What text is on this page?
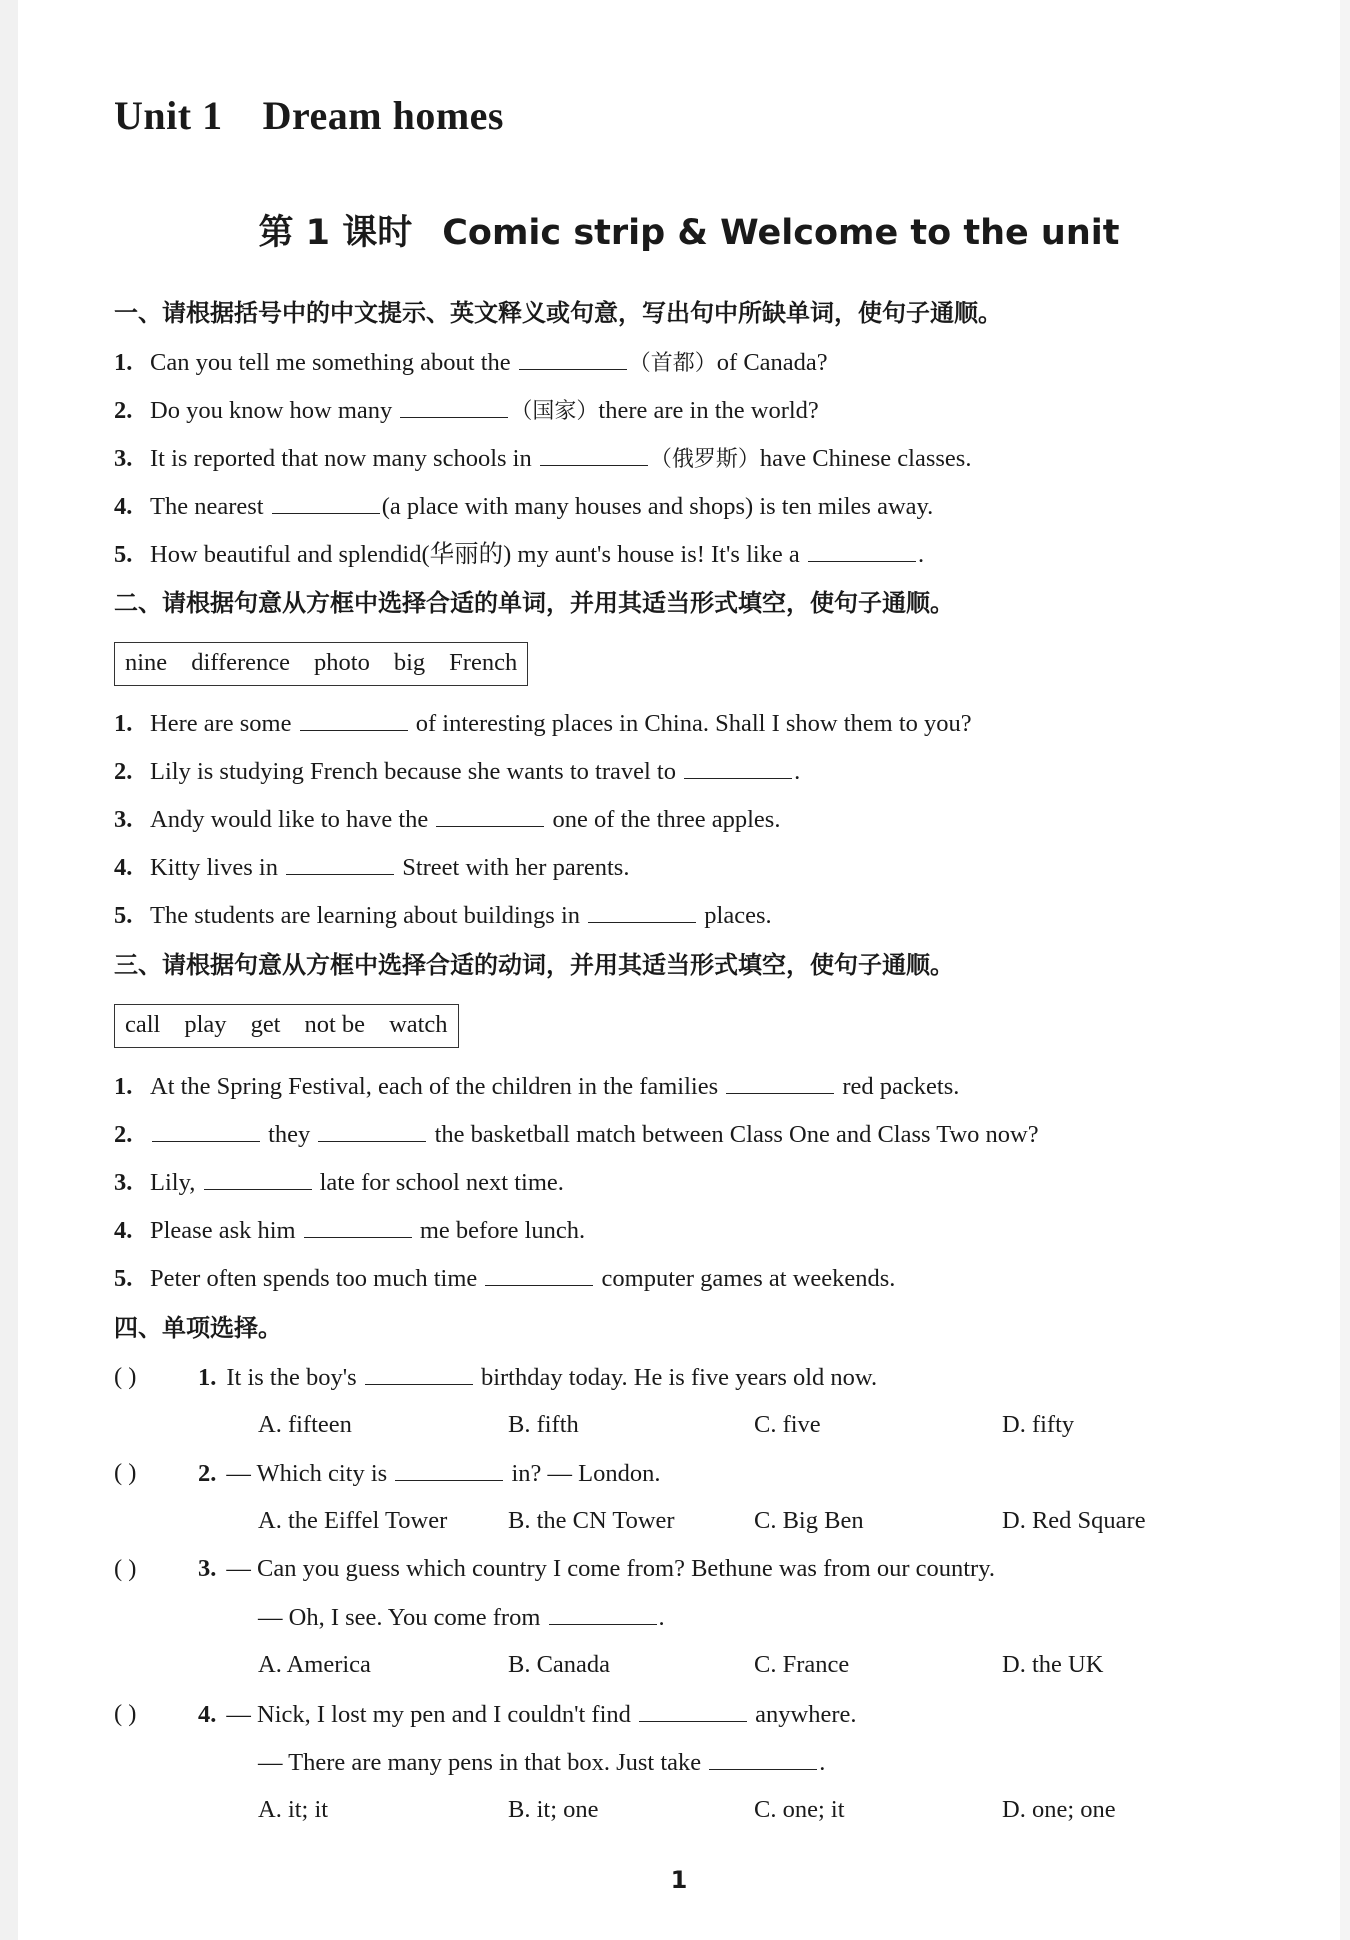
Unit 1 Dream homes
第 1 课时 Comic strip & Welcome to the unit
一、请根据括号中的中文提示、英文释义或句意，写出句中所缺单词，使句子通顺。
1. Can you tell me something about the	（首都）of Canada?
2. Do you know how many	（国家）there are in the world?
3. It is reported that now many schools in	（俄罗斯）have Chinese classes.
4. The nearest	(a place with many houses and shops) is ten miles away.
5. How beautiful and splendid(华丽的) my aunt's house is! It's like a	.
二、请根据句意从方框中选择合适的单词，并用其适当形式填空，使句子通顺。
nine difference photo big French
1. Here are some	of interesting places in China. Shall I show them to you?
2. Lily is studying French because she wants to travel to	.
3. Andy would like to have the	one of the three apples.
4. Kitty lives in	Street with her parents.
5. The students are learning about buildings in	places.
三、请根据句意从方框中选择合适的动词，并用其适当形式填空，使句子通顺。
call play get not be watch
1. At the Spring Festival, each of the children in the families	red packets.
2.	they	the basketball match between Class One and Class Two now?
3. Lily,	late for school next time.
4. Please ask him	me before lunch.
5. Peter often spends too much time	computer games at weekends.
四、单项选择。
( )	1. It is the boy's	birthday today. He is five years old now.
A. fifteen	B. fifth	C. five	D. fifty
( )	2. — Which city is	in? — London.
A. the Eiffel Tower B. the CN Tower	C. Big Ben	D. Red Square
( )	3. — Can you guess which country I come from? Bethune was from our country.
— Oh, I see. You come from	.
A. America	B. Canada	C. France	D. the UK
( )	4. — Nick, I lost my pen and I couldn't find	anywhere.
— There are many pens in that box. Just take	.
A. it; it	B. it; one	C. one; it	D. one; one
1
